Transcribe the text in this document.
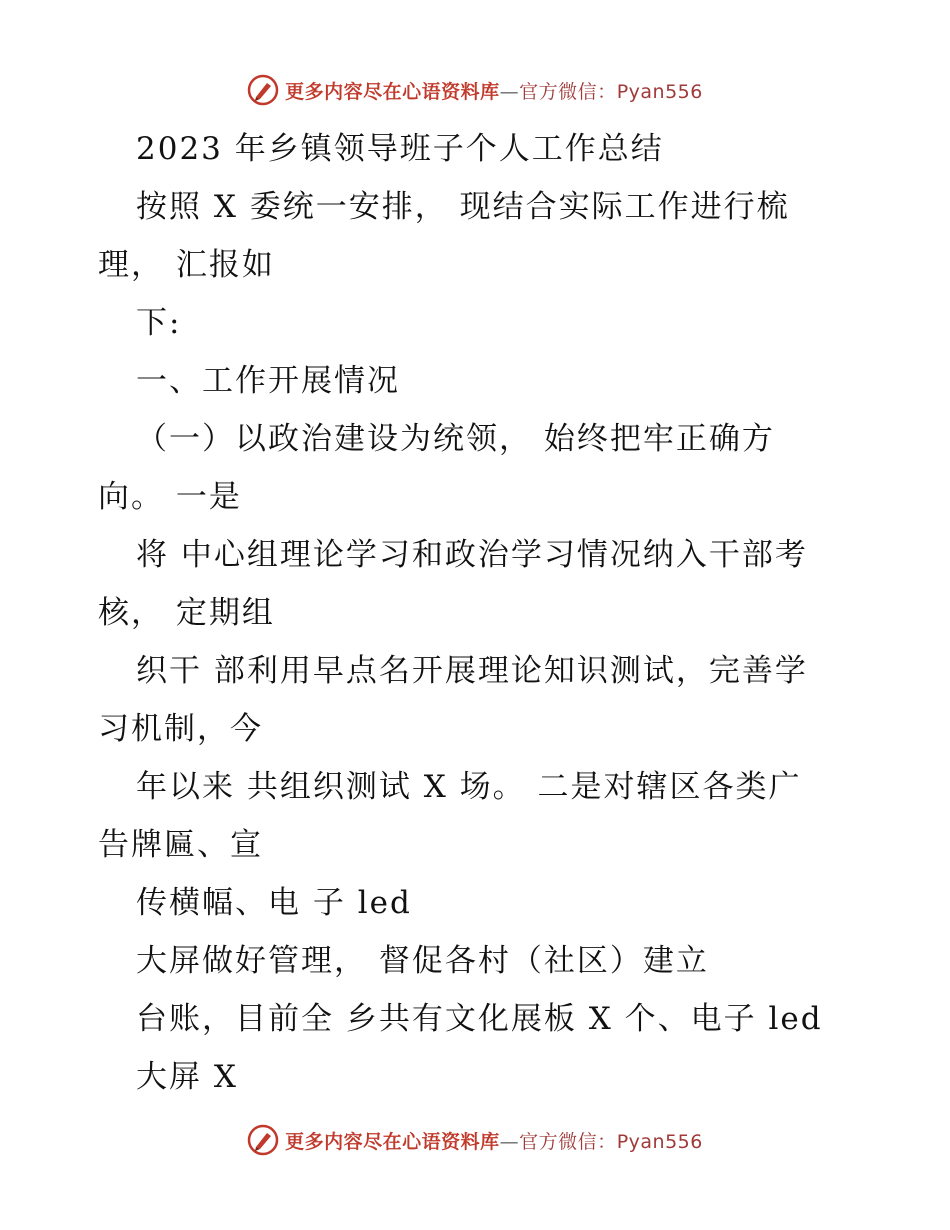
更多内容尽在心语资料库—官方微信：Pyan556
2023 年乡镇领导班子个人工作总结
按照 X 委统一安排， 现结合实际工作进行梳
理， 汇报如
下:
一、工作开展情况
（一）以政治建设为统领， 始终把牢正确方
向。 一是
将 中心组理论学习和政治学习情况纳入干部考
核， 定期组
织干 部利用早点名开展理论知识测试，完善学
习机制，今
年以来 共组织测试 X 场。 二是对辖区各类广
告牌匾、宣
传横幅、电 子 led
大屏做好管理， 督促各村（社区）建立
台账，目前全 乡共有文化展板 X 个、电子 led
大屏 X
更多内容尽在心语资料库—官方微信：Pyan556
